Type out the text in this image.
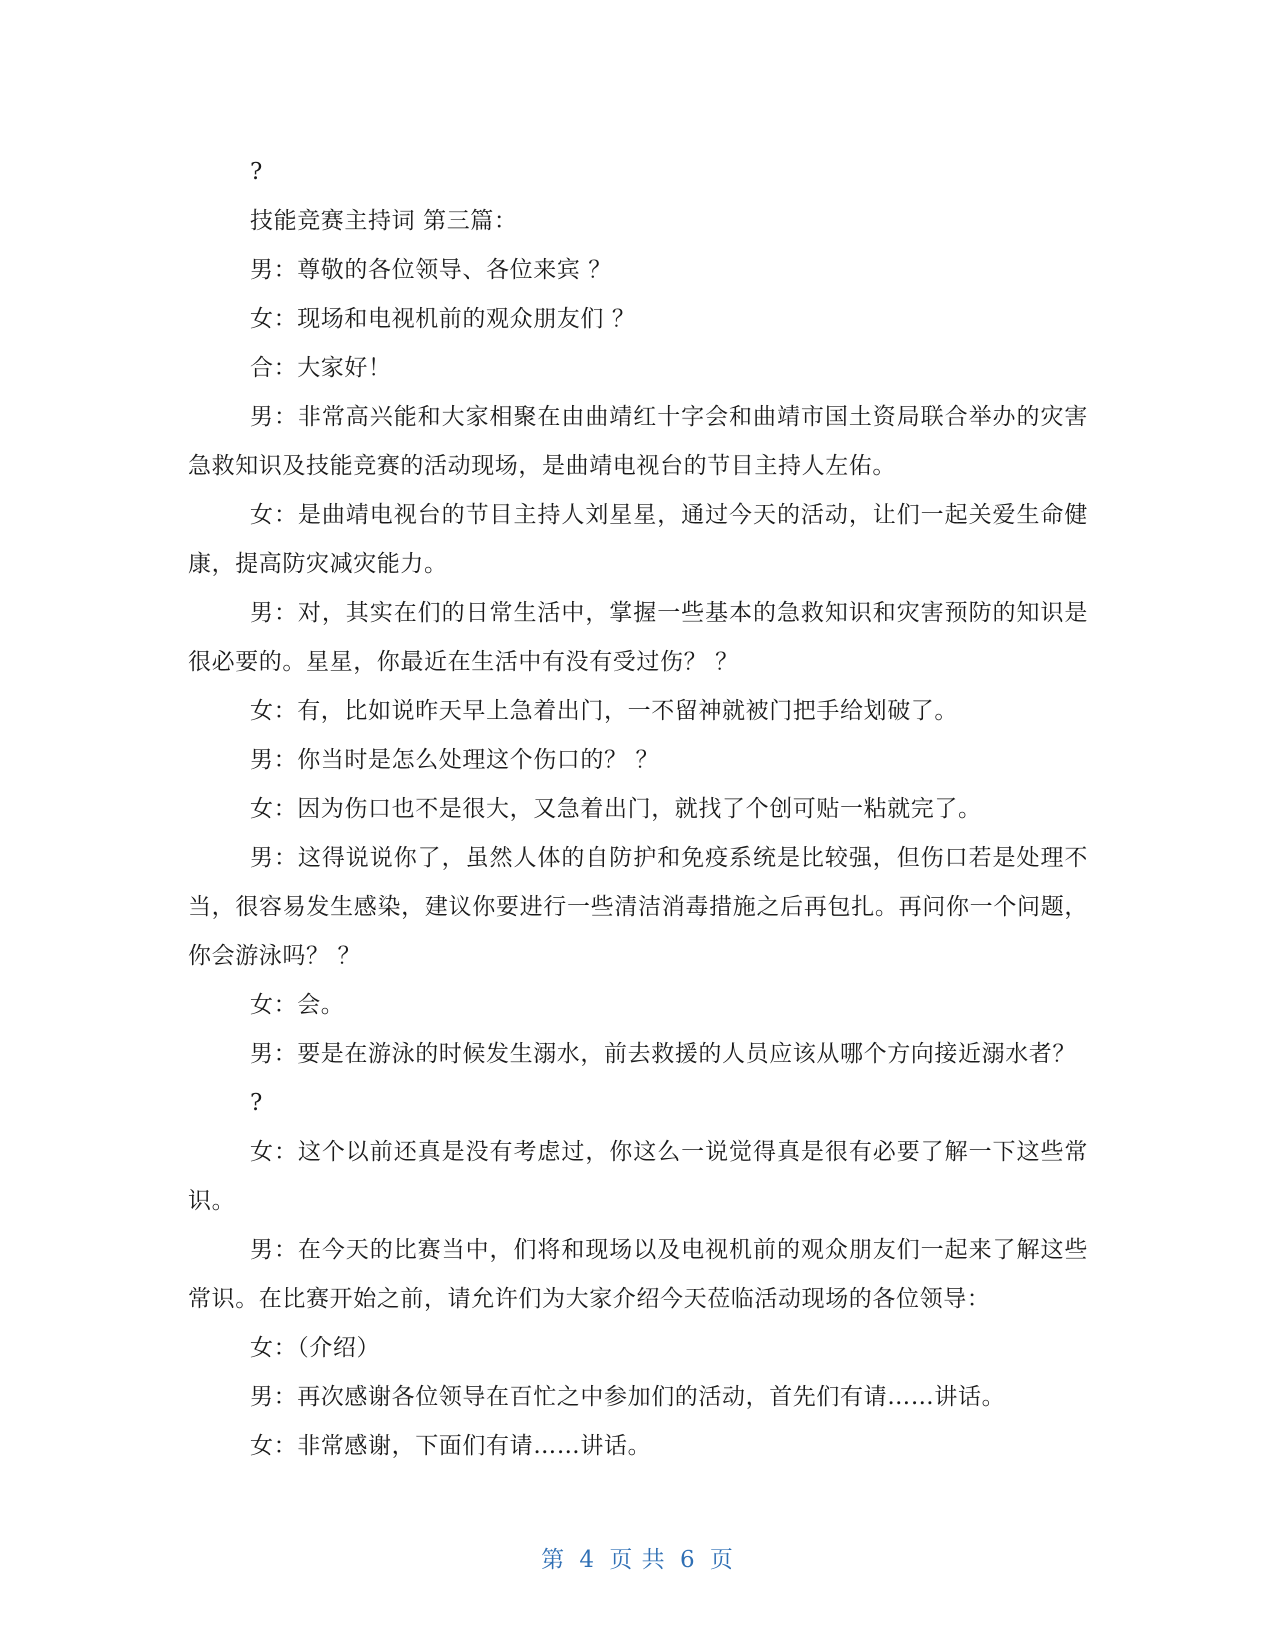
?

技能竞赛主持词 第三篇：

男：尊敬的各位领导、各位来宾 ？

女：现场和电视机前的观众朋友们 ？

合：大家好！

男：非常高兴能和大家相聚在由曲靖红十字会和曲靖市国土资局联合举办的灾害急救知识及技能竞赛的活动现场，是曲靖电视台的节目主持人左佑。

女：是曲靖电视台的节目主持人刘星星，通过今天的活动，让们一起关爱生命健康，提高防灾减灾能力。

男：对，其实在们的日常生活中，掌握一些基本的急救知识和灾害预防的知识是很必要的。星星，你最近在生活中有没有受过伤？ ？

女：有，比如说昨天早上急着出门，一不留神就被门把手给划破了。

男：你当时是怎么处理这个伤口的？ ？

女：因为伤口也不是很大，又急着出门，就找了个创可贴一粘就完了。

男：这得说说你了，虽然人体的自防护和免疫系统是比较强，但伤口若是处理不当，很容易发生感染，建议你要进行一些清洁消毒措施之后再包扎。再问你一个问题，你会游泳吗？ ？

女：会。

男：要是在游泳的时候发生溺水，前去救援的人员应该从哪个方向接近溺水者？

?

女：这个以前还真是没有考虑过，你这么一说觉得真是很有必要了解一下这些常识。

男：在今天的比赛当中，们将和现场以及电视机前的观众朋友们一起来了解这些常识。在比赛开始之前，请允许们为大家介绍今天莅临活动现场的各位领导：

女：（介绍）

男：再次感谢各位领导在百忙之中参加们的活动，首先们有请……讲话。

女：非常感谢，下面们有请……讲话。

第 4 页 共 6 页
